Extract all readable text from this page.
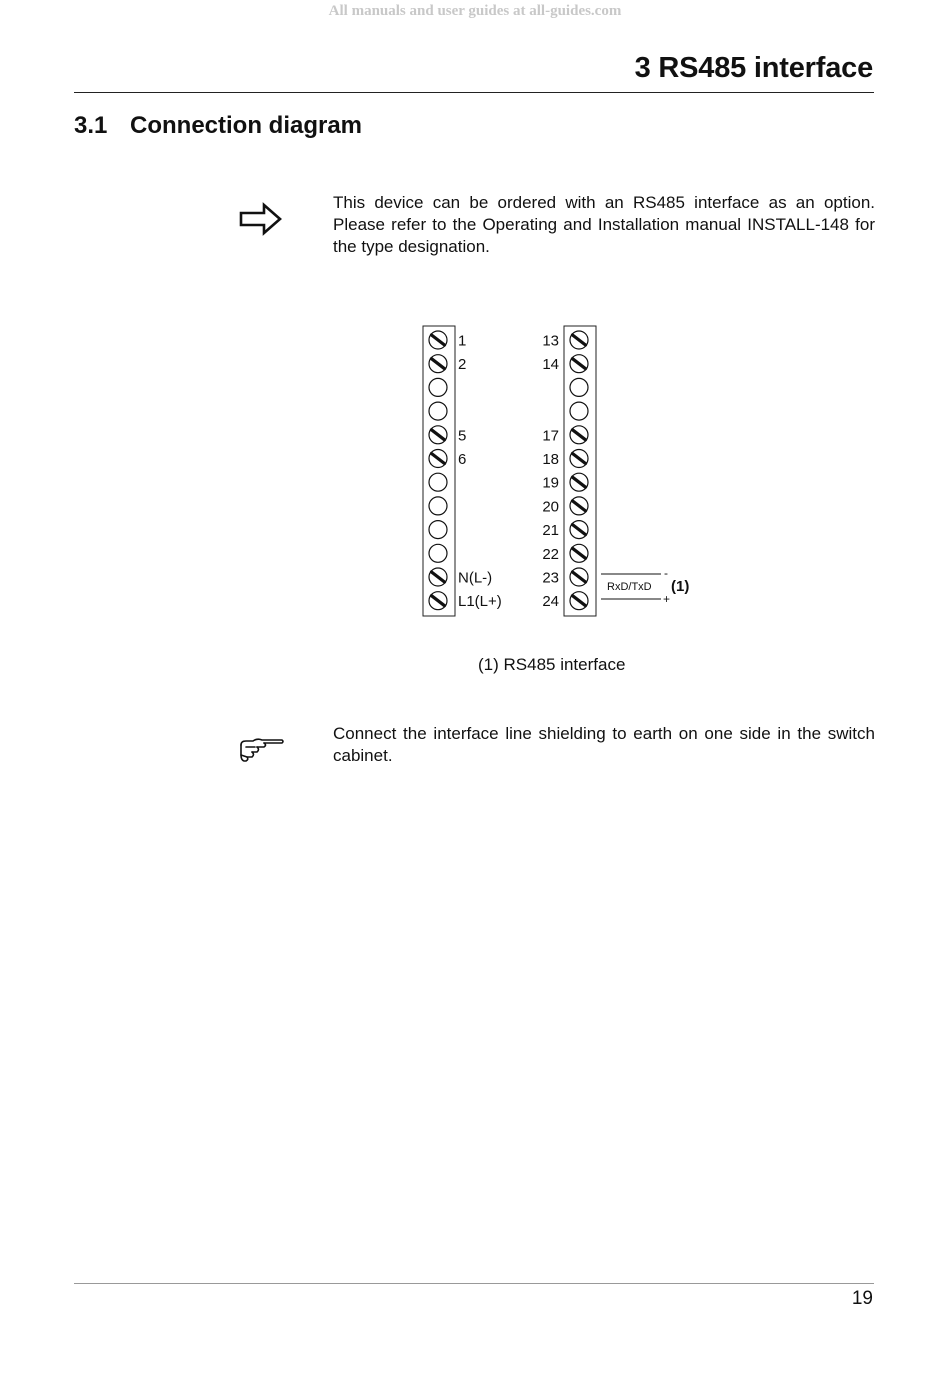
All manuals and user guides at all-guides.com
3 RS485 interface
3.1 Connection diagram
This device can be ordered with an RS485 interface as an option. Please refer to the Operating and Installation manual INSTALL-148 for the type designation.
1
2
5
6
N(L-)
L1(L+)
13
14
17
18
19
20
21
22
23
24
-
+
RxD/TxD (1)
(1) RS485 interface
Connect the interface line shielding to earth on one side in the switch cabinet.
19
